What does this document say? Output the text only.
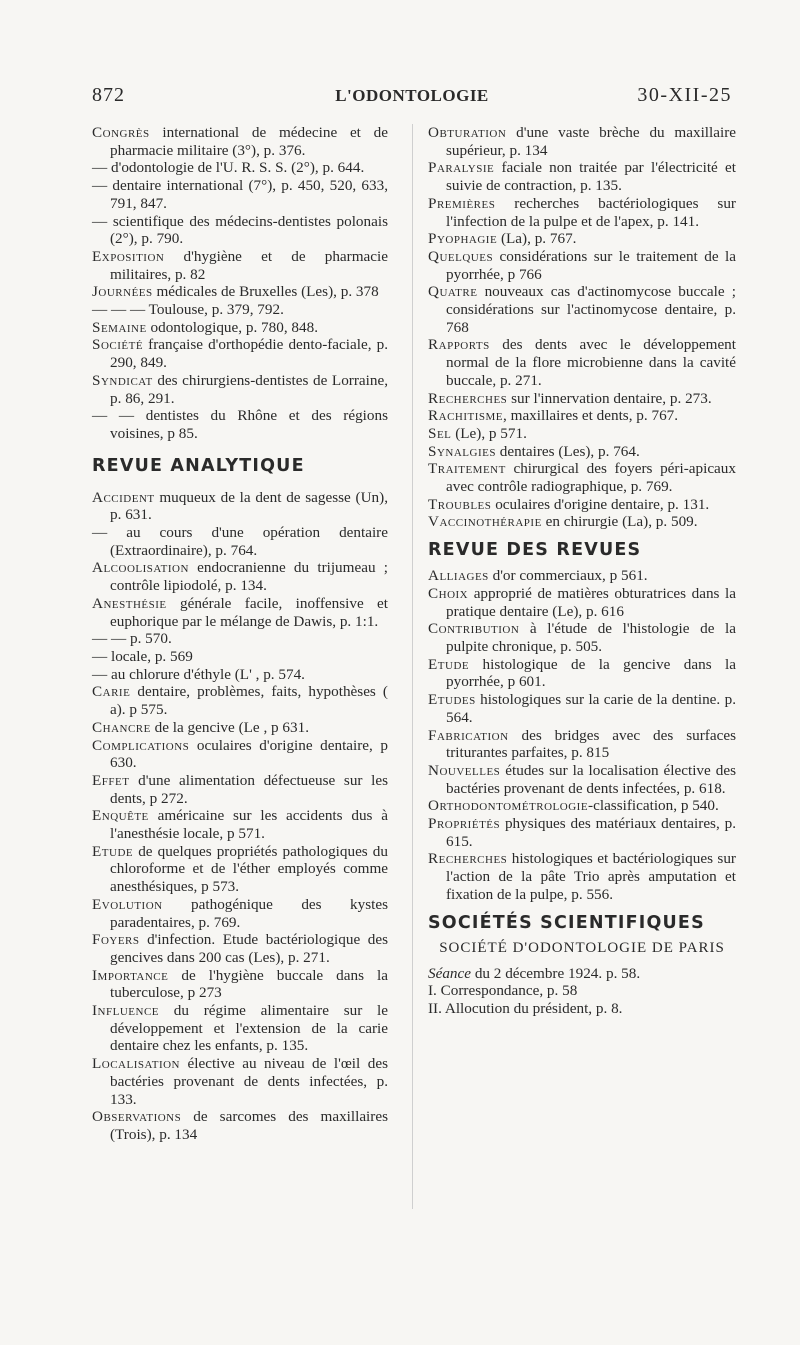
872	L'ODONTOLOGIE	30-XII-25

Congrès international de médecine et de pharmacie militaire (3°), p. 376.

— d'odontologie de l'U. R. S. S. (2°), p. 644.

— dentaire international (7°), p. 450, 520, 633, 791, 847.

— scientifique des médecins-dentistes polonais (2°), p. 790.

Exposition d'hygiène et de pharmacie militaires, p. 82

Journées médicales de Bruxelles (Les), p. 378

— — — Toulouse, p. 379, 792.

Semaine odontologique, p. 780, 848.

Société française d'orthopédie dento-faciale, p. 290, 849.

Syndicat des chirurgiens-dentistes de Lorraine, p. 86, 291.

— — dentistes du Rhône et des régions voisines, p 85.

REVUE ANALYTIQUE

Accident muqueux de la dent de sagesse (Un), p. 631.

— au cours d'une opération dentaire (Extraordinaire), p. 764.

Alcoolisation endocranienne du trijumeau ; contrôle lipiodolé, p. 134.

Anesthésie générale facile, inoffensive et euphorique par le mélange de Dawis, p. 1:1.

— — p. 570.

— locale, p. 569

— au chlorure d'éthyle (L' , p. 574.

Carie dentaire, problèmes, faits, hypothèses ( a). p 575.

Chancre de la gencive (Le , p 631.

Complications oculaires d'origine dentaire, p 630.

Effet d'une alimentation défectueuse sur les dents, p 272.

Enquête américaine sur les accidents dus à l'anesthésie locale, p 571.

Etude de quelques propriétés pathologiques du chloroforme et de l'éther employés comme anesthésiques, p 573.

Evolution pathogénique des kystes paradentaires, p. 769.

Foyers d'infection. Etude bactériologique des gencives dans 200 cas (Les), p. 271.

Importance de l'hygiène buccale dans la tuberculose, p 273

Influence du régime alimentaire sur le développement et l'extension de la carie dentaire chez les enfants, p. 135.

Localisation élective au niveau de l'œil des bactéries provenant de dents infectées, p. 133.

Observations de sarcomes des maxillaires (Trois), p. 134

Obturation d'une vaste brèche du maxillaire supérieur, p. 134

Paralysie faciale non traitée par l'électricité et suivie de contraction, p. 135.

Premières recherches bactériologiques sur l'infection de la pulpe et de l'apex, p. 141.

Pyophagie (La), p. 767.

Quelques considérations sur le traitement de la pyorrhée, p 766

Quatre nouveaux cas d'actinomycose buccale ; considérations sur l'actinomycose dentaire, p. 768

Rapports des dents avec le développement normal de la flore microbienne dans la cavité buccale, p. 271.

Recherches sur l'innervation dentaire, p. 273.

Rachitisme, maxillaires et dents, p. 767.

Sel (Le), p 571.

Synalgies dentaires (Les), p. 764.

Traitement chirurgical des foyers péri-apicaux avec contrôle radiographique, p. 769.

Troubles oculaires d'origine dentaire, p. 131.

Vaccinothérapie en chirurgie (La), p. 509.

REVUE DES REVUES

Alliages d'or commerciaux, p 561.

Choix approprié de matières obturatrices dans la pratique dentaire (Le), p. 616

Contribution à l'étude de l'histologie de la pulpite chronique, p. 505.

Etude histologique de la gencive dans la pyorrhée, p 601.

Etudes histologiques sur la carie de la dentine. p. 564.

Fabrication des bridges avec des surfaces triturantes parfaites, p. 815

Nouvelles études sur la localisation élective des bactéries provenant de dents infectées, p. 618.

Orthodontométrologie-classification, p 540.

Propriétés physiques des matériaux dentaires, p. 615.

Recherches histologiques et bactériologiques sur l'action de la pâte Trio après amputation et fixation de la pulpe, p. 556.

SOCIÉTÉS SCIENTIFIQUES
SOCIÉTÉ D'ODONTOLOGIE DE PARIS

Séance du 2 décembre 1924. p. 58.

I. Correspondance, p. 58

II. Allocution du président, p. 8.
